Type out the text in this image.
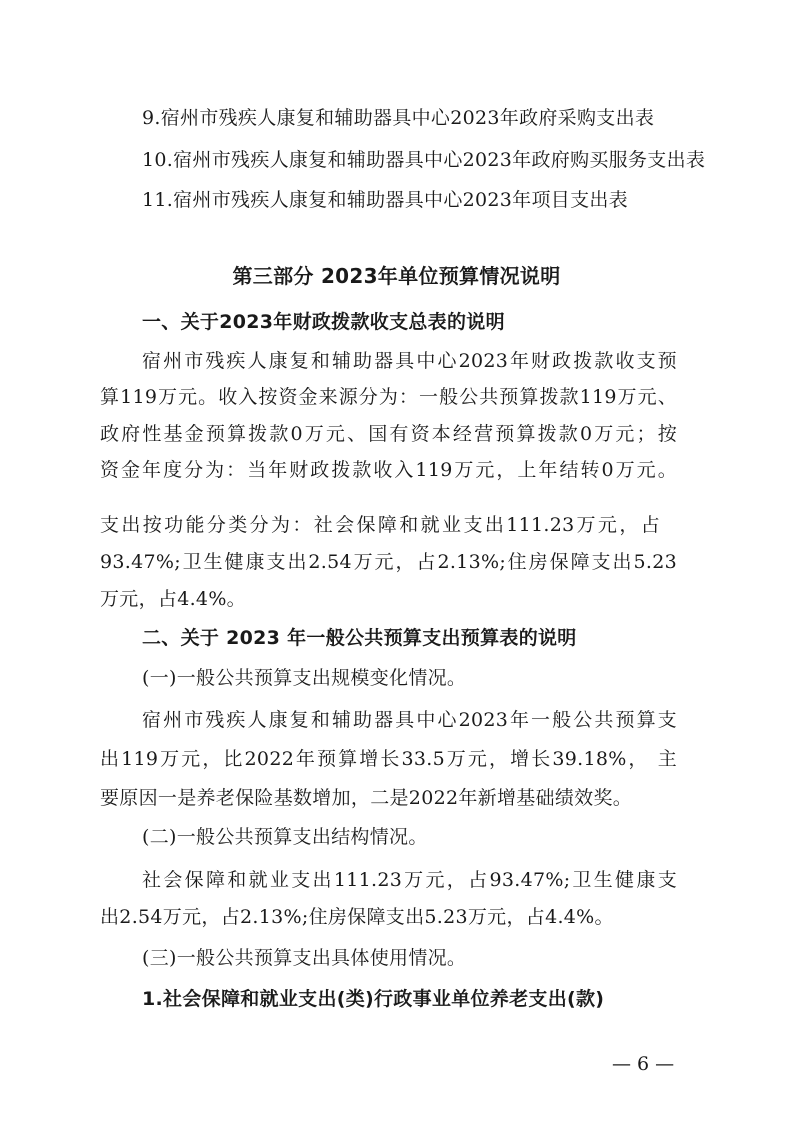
9.宿州市残疾人康复和辅助器具中心2023年政府采购支出表
10.宿州市残疾人康复和辅助器具中心2023年政府购买服务支出表
11.宿州市残疾人康复和辅助器具中心2023年项目支出表
第三部分 2023年单位预算情况说明
一、关于2023年财政拨款收支总表的说明
宿州市残疾人康复和辅助器具中心2023年财政拨款收支预
算119万元。收入按资金来源分为：一般公共预算拨款119万元、
政府性基金预算拨款0万元、国有资本经营预算拨款0万元；按
资金年度分为：当年财政拨款收入119万元，上年结转0万元。
支出按功能分类分为：社会保障和就业支出111.23万元，占
93.47%;卫生健康支出2.54万元，占2.13%;住房保障支出5.23
万元，占4.4%。
二、关于 2023 年一般公共预算支出预算表的说明
(一)一般公共预算支出规模变化情况。
宿州市残疾人康复和辅助器具中心2023年一般公共预算支
出119万元，比2022年预算增长33.5万元，增长39.18%， 主
要原因一是养老保险基数增加，二是2022年新增基础绩效奖。
(二)一般公共预算支出结构情况。
社会保障和就业支出111.23万元，占93.47%;卫生健康支
出2.54万元，占2.13%;住房保障支出5.23万元，占4.4%。
(三)一般公共预算支出具体使用情况。
1.社会保障和就业支出(类)行政事业单位养老支出(款)
— 6 —
